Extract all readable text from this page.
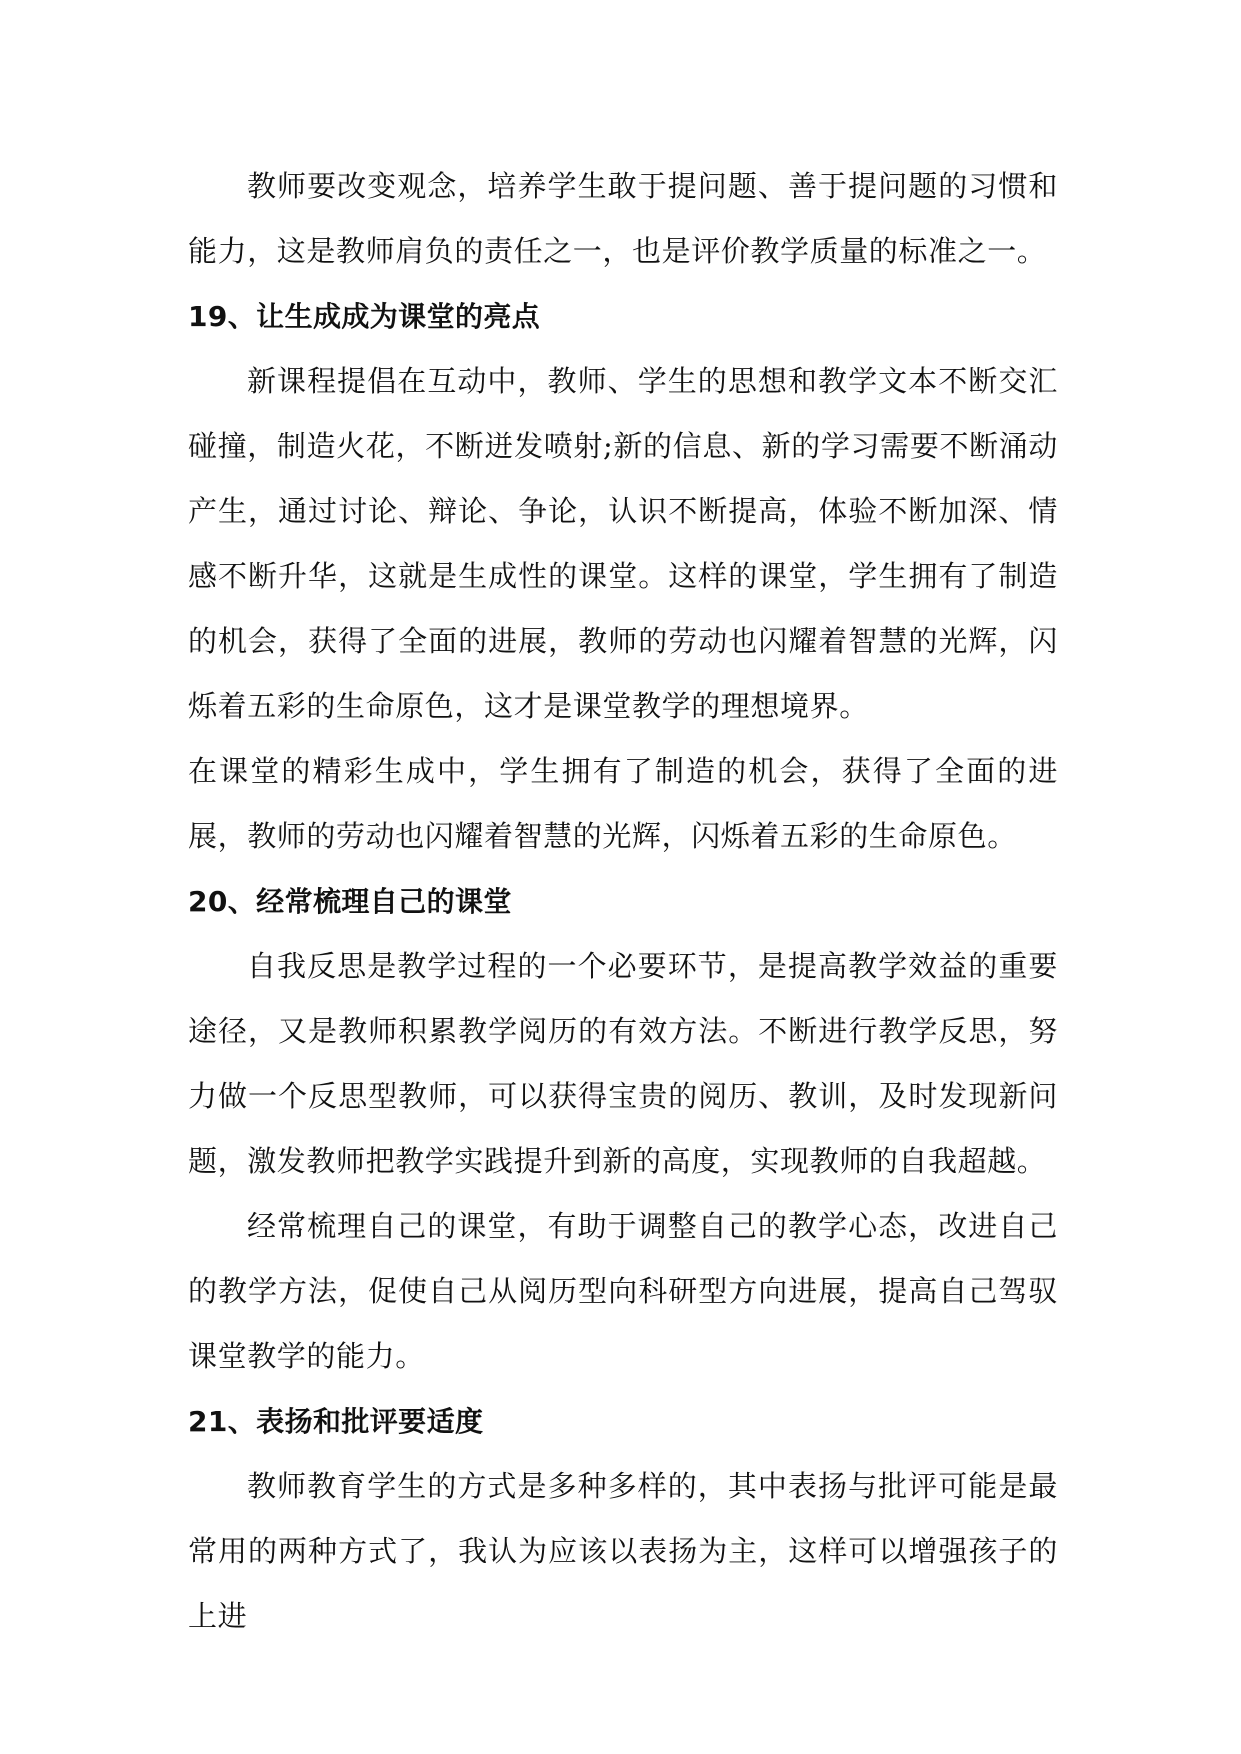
教师要改变观念，培养学生敢于提问题、善于提问题的习惯和能力，这是教师肩负的责任之一，也是评价教学质量的标准之一。

19、让生成成为课堂的亮点

新课程提倡在互动中，教师、学生的思想和教学文本不断交汇碰撞，制造火花，不断迸发喷射;新的信息、新的学习需要不断涌动产生，通过讨论、辩论、争论，认识不断提高，体验不断加深、情感不断升华，这就是生成性的课堂。这样的课堂，学生拥有了制造的机会，获得了全面的进展，教师的劳动也闪耀着智慧的光辉，闪烁着五彩的生命原色，这才是课堂教学的理想境界。

在课堂的精彩生成中，学生拥有了制造的机会，获得了全面的进展，教师的劳动也闪耀着智慧的光辉，闪烁着五彩的生命原色。

20、经常梳理自己的课堂

自我反思是教学过程的一个必要环节，是提高教学效益的重要途径，又是教师积累教学阅历的有效方法。不断进行教学反思，努力做一个反思型教师，可以获得宝贵的阅历、教训，及时发现新问题，激发教师把教学实践提升到新的高度，实现教师的自我超越。

经常梳理自己的课堂，有助于调整自己的教学心态，改进自己的教学方法，促使自己从阅历型向科研型方向进展，提高自己驾驭课堂教学的能力。

21、表扬和批评要适度

教师教育学生的方式是多种多样的，其中表扬与批评可能是最常用的两种方式了，我认为应该以表扬为主，这样可以增强孩子的上进
